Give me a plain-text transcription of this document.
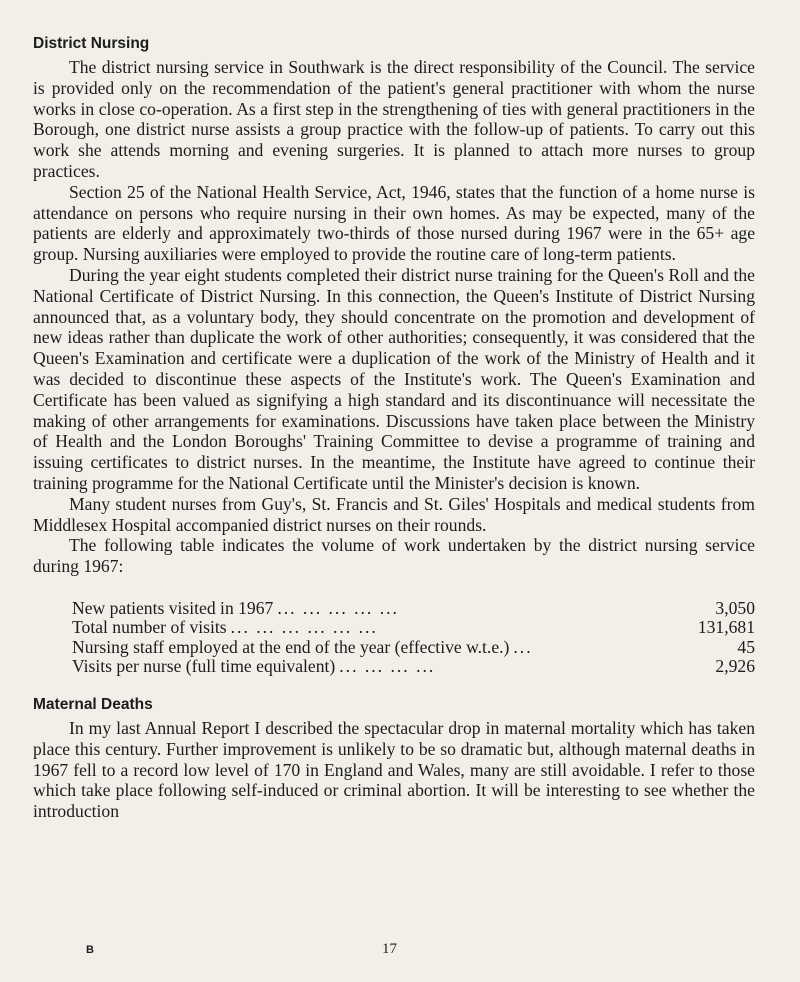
District Nursing

The district nursing service in Southwark is the direct responsibility of the Council. The service is provided only on the recommendation of the patient's general practitioner with whom the nurse works in close co-operation. As a first step in the strengthening of ties with general practitioners in the Borough, one district nurse assists a group practice with the follow-up of patients. To carry out this work she attends morning and evening surgeries. It is planned to attach more nurses to group practices.

Section 25 of the National Health Service, Act, 1946, states that the function of a home nurse is attendance on persons who require nursing in their own homes. As may be expected, many of the patients are elderly and approximately two-thirds of those nursed during 1967 were in the 65+ age group. Nursing auxiliaries were employed to provide the routine care of long-term patients.

During the year eight students completed their district nurse training for the Queen's Roll and the National Certificate of District Nursing. In this connection, the Queen's Institute of District Nursing announced that, as a voluntary body, they should concentrate on the promotion and development of new ideas rather than duplicate the work of other authorities; consequently, it was considered that the Queen's Examination and certificate were a duplication of the work of the Ministry of Health and it was decided to discontinue these aspects of the Institute's work. The Queen's Examination and Certificate has been valued as signifying a high standard and its discontinuance will necessitate the making of other arrangements for examinations. Discussions have taken place between the Ministry of Health and the London Boroughs' Training Committee to devise a programme of training and issuing certificates to district nurses. In the meantime, the Institute have agreed to continue their training programme for the National Certificate until the Minister's decision is known.

Many student nurses from Guy's, St. Francis and St. Giles' Hospitals and medical students from Middlesex Hospital accompanied district nurses on their rounds.

The following table indicates the volume of work undertaken by the district nursing service during 1967:

New patients visited in 1967 ... ... ... ... ...	3,050
Total number of visits ... ... ... ... ... ...	131,681
Nursing staff employed at the end of the year (effective w.t.e.) ...	45
Visits per nurse (full time equivalent) ... ... ... ...	2,926
Maternal Deaths

In my last Annual Report I described the spectacular drop in maternal mortality which has taken place this century. Further improvement is unlikely to be so dramatic but, although maternal deaths in 1967 fell to a record low level of 170 in England and Wales, many are still avoidable. I refer to those which take place following self-induced or criminal abortion. It will be interesting to see whether the introduction

B	17
